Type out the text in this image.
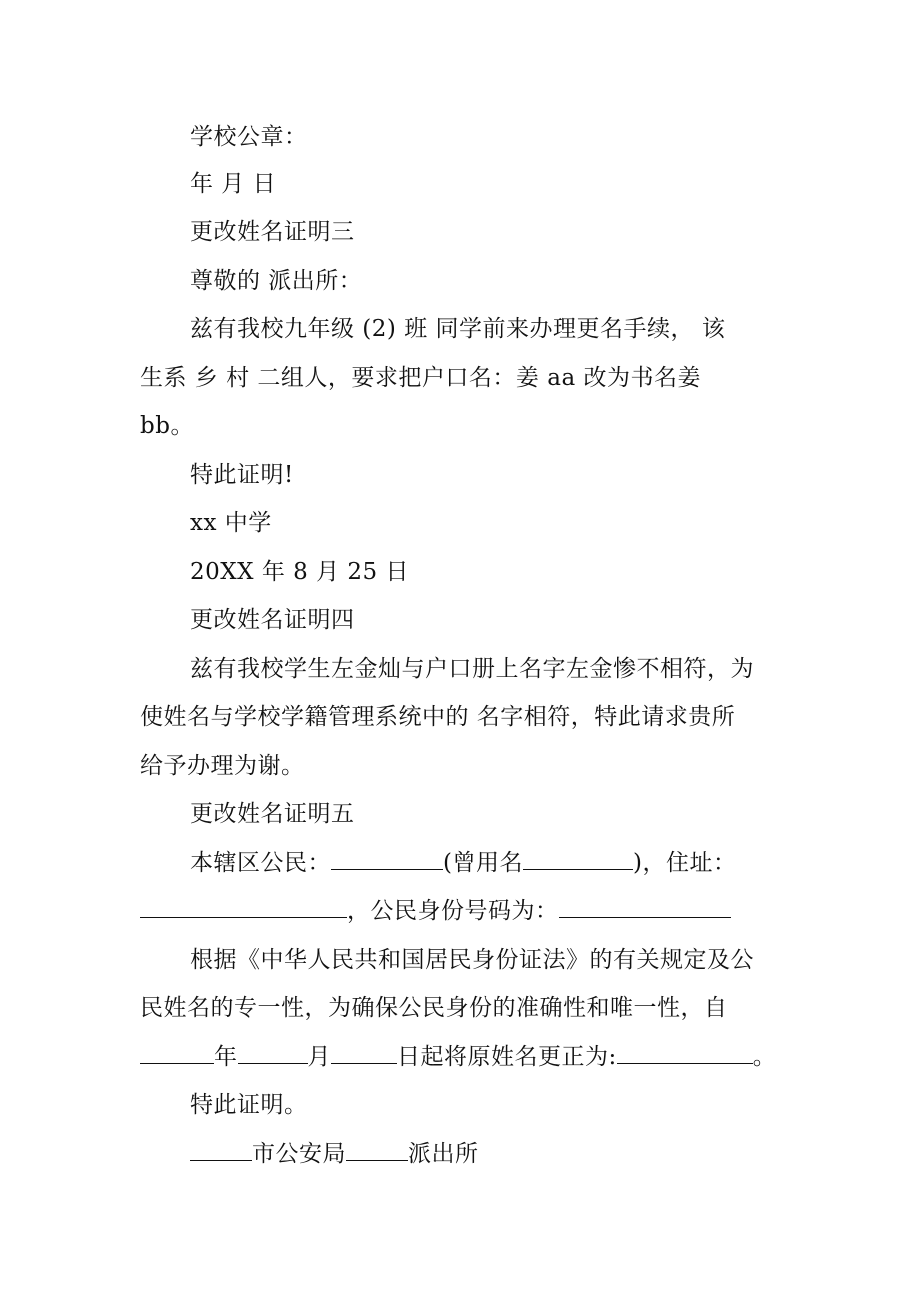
学校公章：
年 月 日
更改姓名证明三
尊敬的 派出所：
兹有我校九年级 (2) 班 同学前来办理更名手续， 该
生系 乡 村 二组人，要求把户口名：姜 aa 改为书名姜
bb。
特此证明!
xx 中学
20XX 年 8 月 25 日
更改姓名证明四
兹有我校学生左金灿与户口册上名字左金惨不相符，为
使姓名与学校学籍管理系统中的 名字相符，特此请求贵所
给予办理为谢。
更改姓名证明五
本辖区公民：	(曾用名	)，住址：
，公民身份号码为：
根据《中华人民共和国居民身份证法》的有关规定及公
民姓名的专一性，为确保公民身份的准确性和唯一性，自
年	月	日起将原姓名更正为:	。
特此证明。
市公安局	派出所
